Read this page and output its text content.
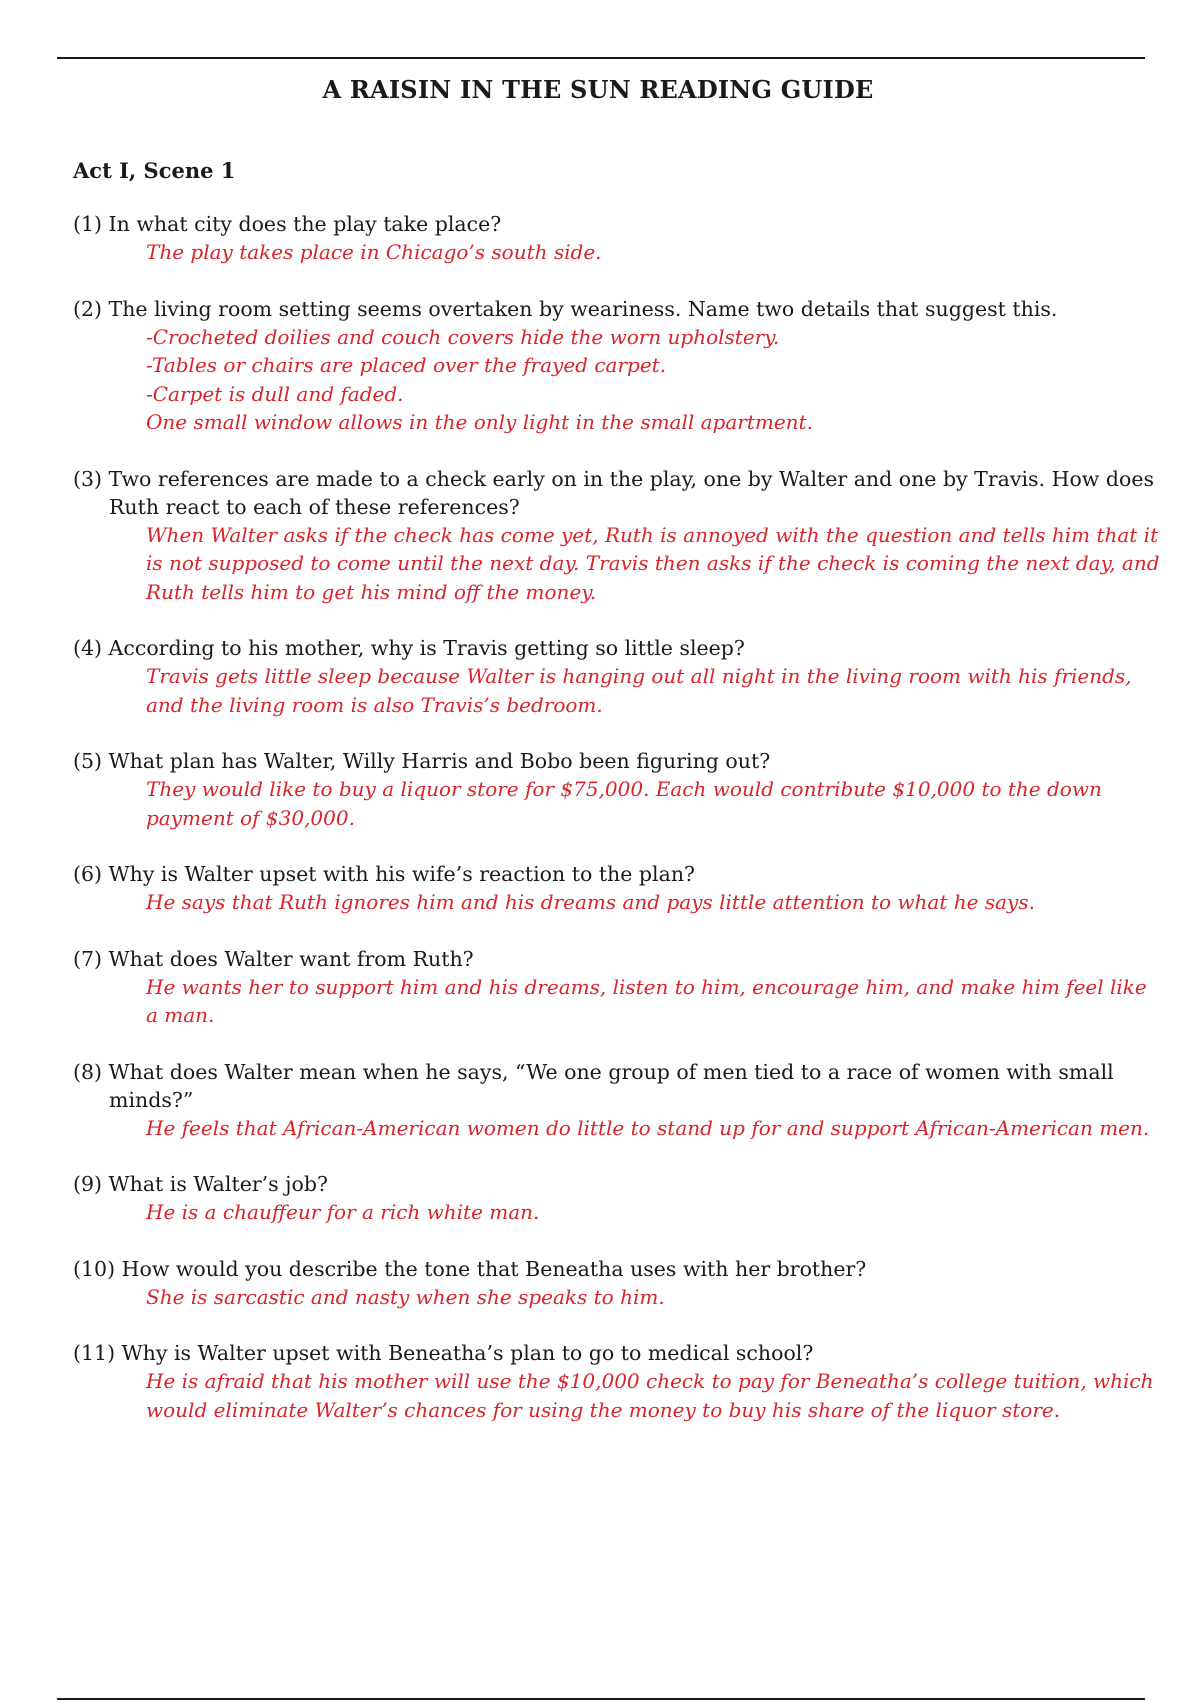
A RAISIN IN THE SUN READING GUIDE
Act I, Scene 1
(1) In what city does the play take place?
The play takes place in Chicago’s south side.
(2) The living room setting seems overtaken by weariness. Name two details that suggest this.
-Crocheted doilies and couch covers hide the worn upholstery.
-Tables or chairs are placed over the frayed carpet.
-Carpet is dull and faded.
One small window allows in the only light in the small apartment.
(3) Two references are made to a check early on in the play, one by Walter and one by Travis. How does Ruth react to each of these references?
When Walter asks if the check has come yet, Ruth is annoyed with the question and tells him that it is not supposed to come until the next day. Travis then asks if the check is coming the next day, and Ruth tells him to get his mind off the money.
(4) According to his mother, why is Travis getting so little sleep?
Travis gets little sleep because Walter is hanging out all night in the living room with his friends, and the living room is also Travis’s bedroom.
(5) What plan has Walter, Willy Harris and Bobo been figuring out?
They would like to buy a liquor store for $75,000. Each would contribute $10,000 to the down payment of $30,000.
(6) Why is Walter upset with his wife’s reaction to the plan?
He says that Ruth ignores him and his dreams and pays little attention to what he says.
(7) What does Walter want from Ruth?
He wants her to support him and his dreams, listen to him, encourage him, and make him feel like a man.
(8) What does Walter mean when he says, “We one group of men tied to a race of women with small minds?”
He feels that African-American women do little to stand up for and support African-American men.
(9) What is Walter’s job?
He is a chauffeur for a rich white man.
(10) How would you describe the tone that Beneatha uses with her brother?
She is sarcastic and nasty when she speaks to him.
(11) Why is Walter upset with Beneatha’s plan to go to medical school?
He is afraid that his mother will use the $10,000 check to pay for Beneatha’s college tuition, which would eliminate Walter’s chances for using the money to buy his share of the liquor store.
